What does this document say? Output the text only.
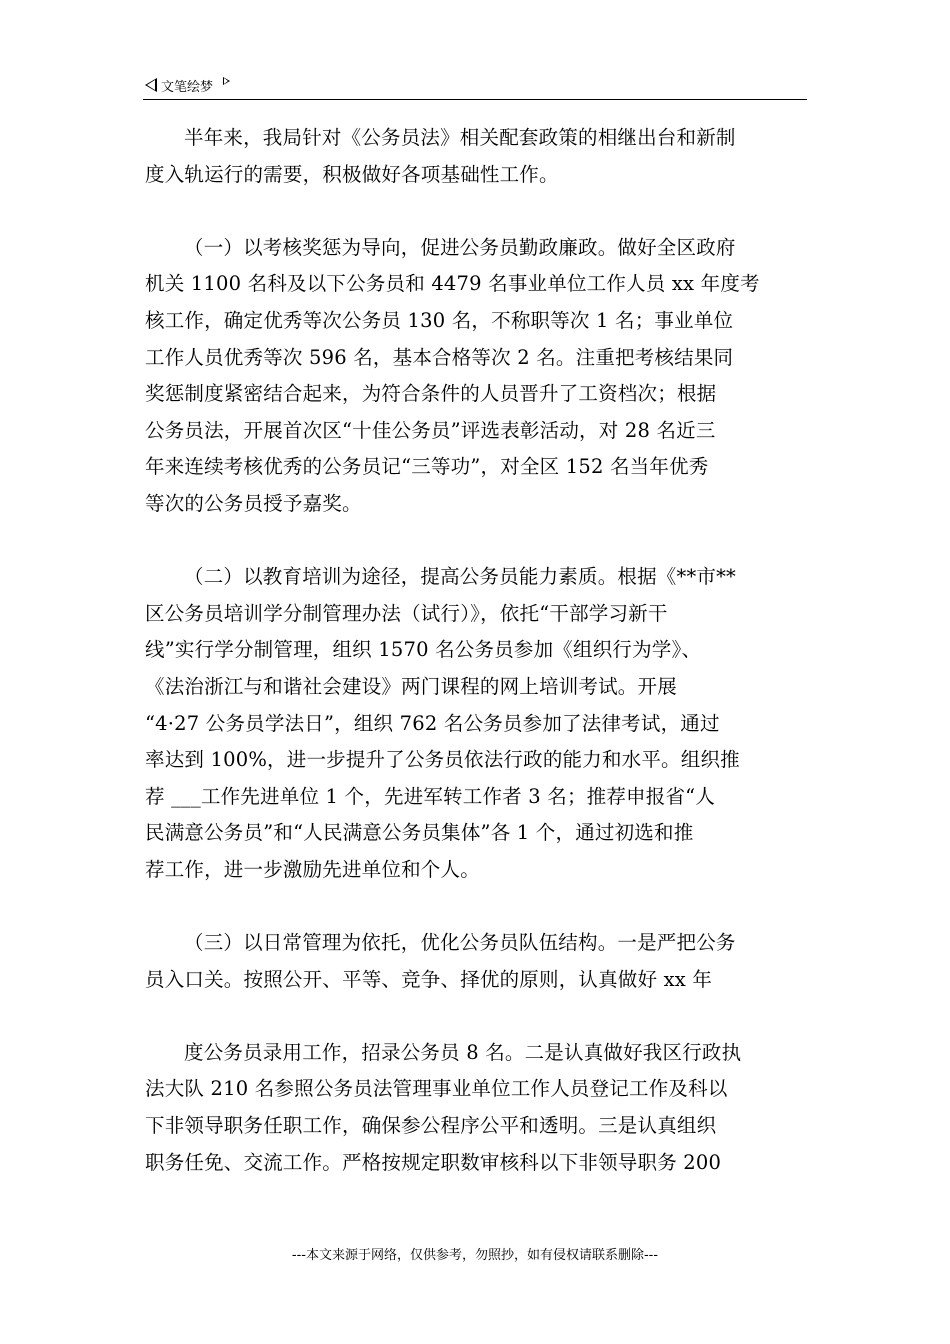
文笔绘梦

半年来，我局针对《公务员法》相关配套政策的相继出台和新制
度入轨运行的需要，积极做好各项基础性工作。

（一）以考核奖惩为导向，促进公务员勤政廉政。做好全区政府
机关 1100 名科及以下公务员和 4479 名事业单位工作人员 xx 年度考
核工作，确定优秀等次公务员 130 名，不称职等次 1 名；事业单位
工作人员优秀等次 596 名，基本合格等次 2 名。注重把考核结果同
奖惩制度紧密结合起来，为符合条件的人员晋升了工资档次；根据
公务员法，开展首次区“十佳公务员”评选表彰活动，对 28 名近三
年来连续考核优秀的公务员记“三等功”，对全区 152 名当年优秀
等次的公务员授予嘉奖。

（二）以教育培训为途径，提高公务员能力素质。根据《**市**
区公务员培训学分制管理办法（试行）》，依托“干部学习新干
线”实行学分制管理，组织 1570 名公务员参加《组织行为学》、
《法治浙江与和谐社会建设》两门课程的网上培训考试。开展
“4·27 公务员学法日”，组织 762 名公务员参加了法律考试，通过
率达到 100%，进一步提升了公务员依法行政的能力和水平。组织推
荐 ___工作先进单位 1 个，先进军转工作者 3 名；推荐申报省“人
民满意公务员”和“人民满意公务员集体”各 1 个，通过初选和推
荐工作，进一步激励先进单位和个人。

（三）以日常管理为依托，优化公务员队伍结构。一是严把公务
员入口关。按照公开、平等、竞争、择优的原则，认真做好 xx 年

度公务员录用工作，招录公务员 8 名。二是认真做好我区行政执
法大队 210 名参照公务员法管理事业单位工作人员登记工作及科以
下非领导职务任职工作，确保参公程序公平和透明。三是认真组织
职务任免、交流工作。严格按规定职数审核科以下非领导职务 200

---本文来源于网络，仅供参考，勿照抄，如有侵权请联系删除---
